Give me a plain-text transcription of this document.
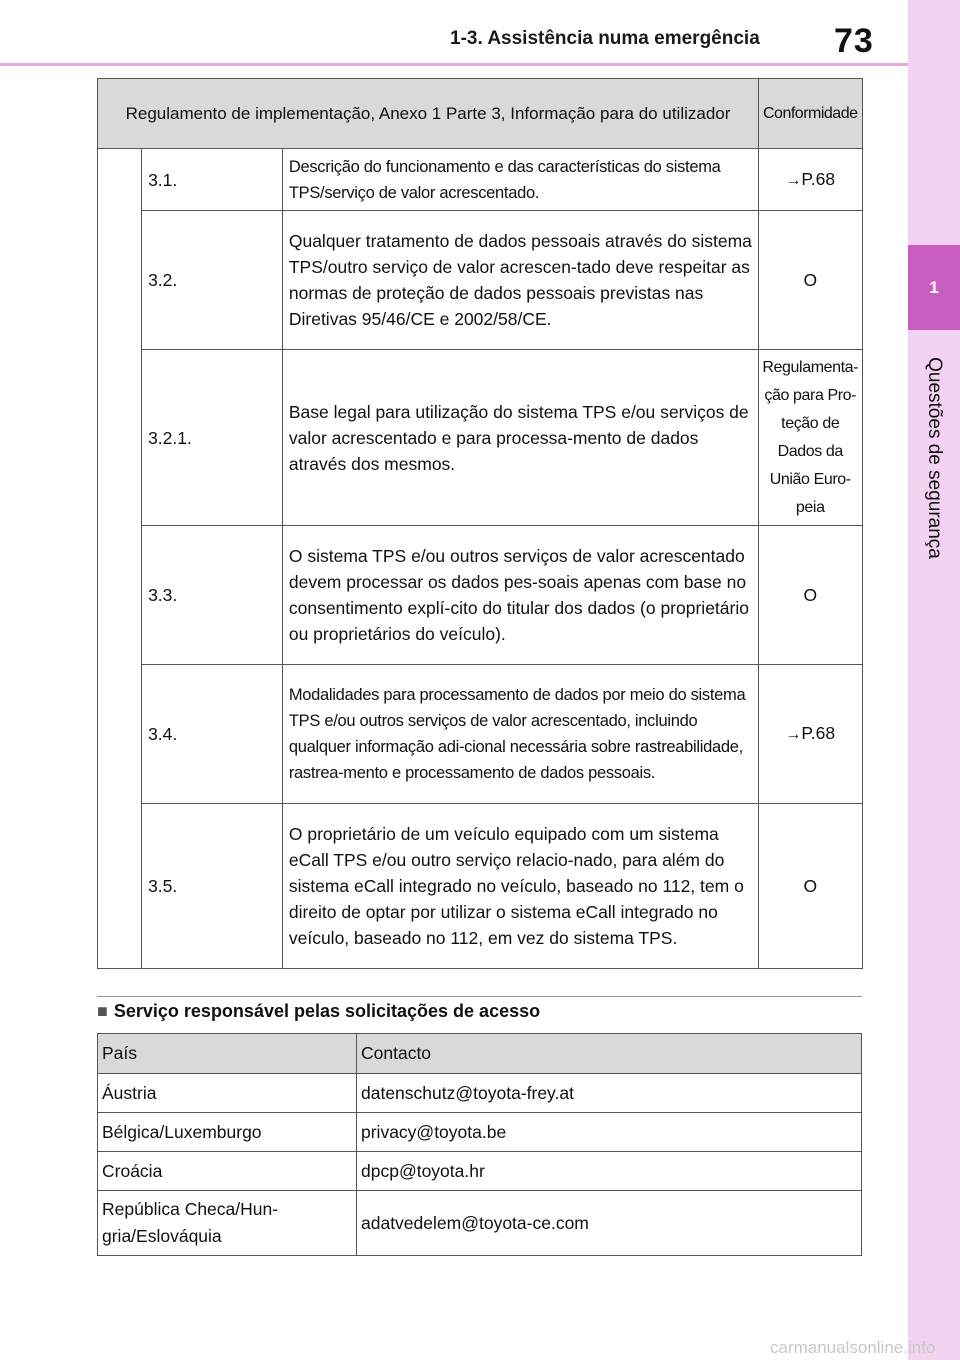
1-3. Assistência numa emergência 73
1
Questões de segurança
Regulamento de implementação, Anexo 1 Parte 3, Informação para do utilizador			Conformidade
	3.1.	Descrição do funcionamento e das características do sistema TPS/serviço de valor acrescentado.	→P.68
	3.2.	Qualquer tratamento de dados pessoais através do sistema TPS/outro serviço de valor acrescen-tado deve respeitar as normas de proteção de dados pessoais previstas nas Diretivas 95/46/CE e 2002/58/CE.	O
	3.2.1.	Base legal para utilização do sistema TPS e/ou serviços de valor acrescentado e para processa-mento de dados através dos mesmos.	Regulamenta-ção para Pro-teção de Dados da União Euro-peia
	3.3.	O sistema TPS e/ou outros serviços de valor acrescentado devem processar os dados pes-soais apenas com base no consentimento explí-cito do titular dos dados (o proprietário ou proprietários do veículo).	O
	3.4.	Modalidades para processamento de dados por meio do sistema TPS e/ou outros serviços de valor acrescentado, incluindo qualquer informação adi-cional necessária sobre rastreabilidade, rastrea-mento e processamento de dados pessoais.	→P.68
	3.5.	O proprietário de um veículo equipado com um sistema eCall TPS e/ou outro serviço relacio-nado, para além do sistema eCall integrado no veículo, baseado no 112, tem o direito de optar por utilizar o sistema eCall integrado no veículo, baseado no 112, em vez do sistema TPS.	O
■ Serviço responsável pelas solicitações de acesso
País	Contacto
Áustria	datenschutz@toyota-frey.at
Bélgica/Luxemburgo	privacy@toyota.be
Croácia	dpcp@toyota.hr
República Checa/Hun-gria/Eslováquia	adatvedelem@toyota-ce.com
carmanualsonline.info
